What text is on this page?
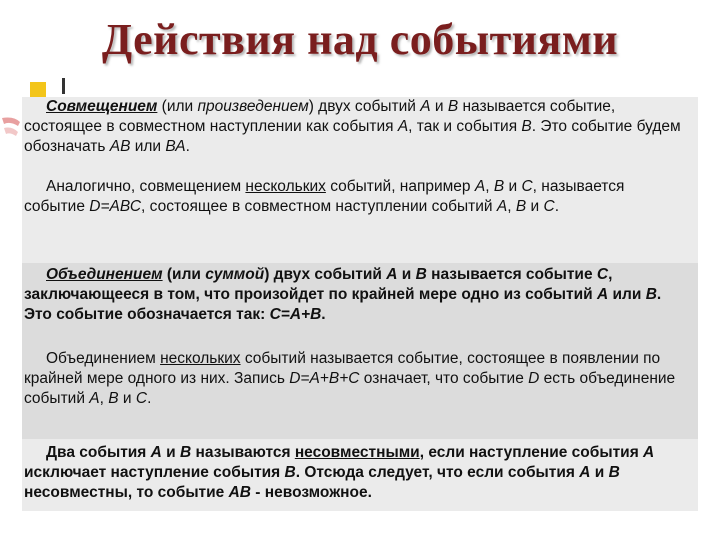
Действия над событиями

Совмещением (или произведением) двух событий А и В называется событие, состоящее в совместном наступлении как события А, так и события В. Это событие будем обозначать АВ или ВА.

Аналогично, совмещением нескольких событий, например А, В и С, называется событие D=АВС, состоящее в совместном наступлении событий А, В и С.

Объединением (или суммой) двух событий А и В называется событие С, заключающееся в том, что произойдет по крайней мере одно из событий А или В. Это событие обозначается так: С=А+В.

Объединением нескольких событий называется событие, состоящее в появлении по крайней мере одного из них. Запись D=A+B+C означает, что событие D есть объединение событий А, В и С.

Два события А и В называются несовместными, если наступление события А исключает наступление события В. Отсюда следует, что если события А и В несовместны, то событие АВ - невозможное.
